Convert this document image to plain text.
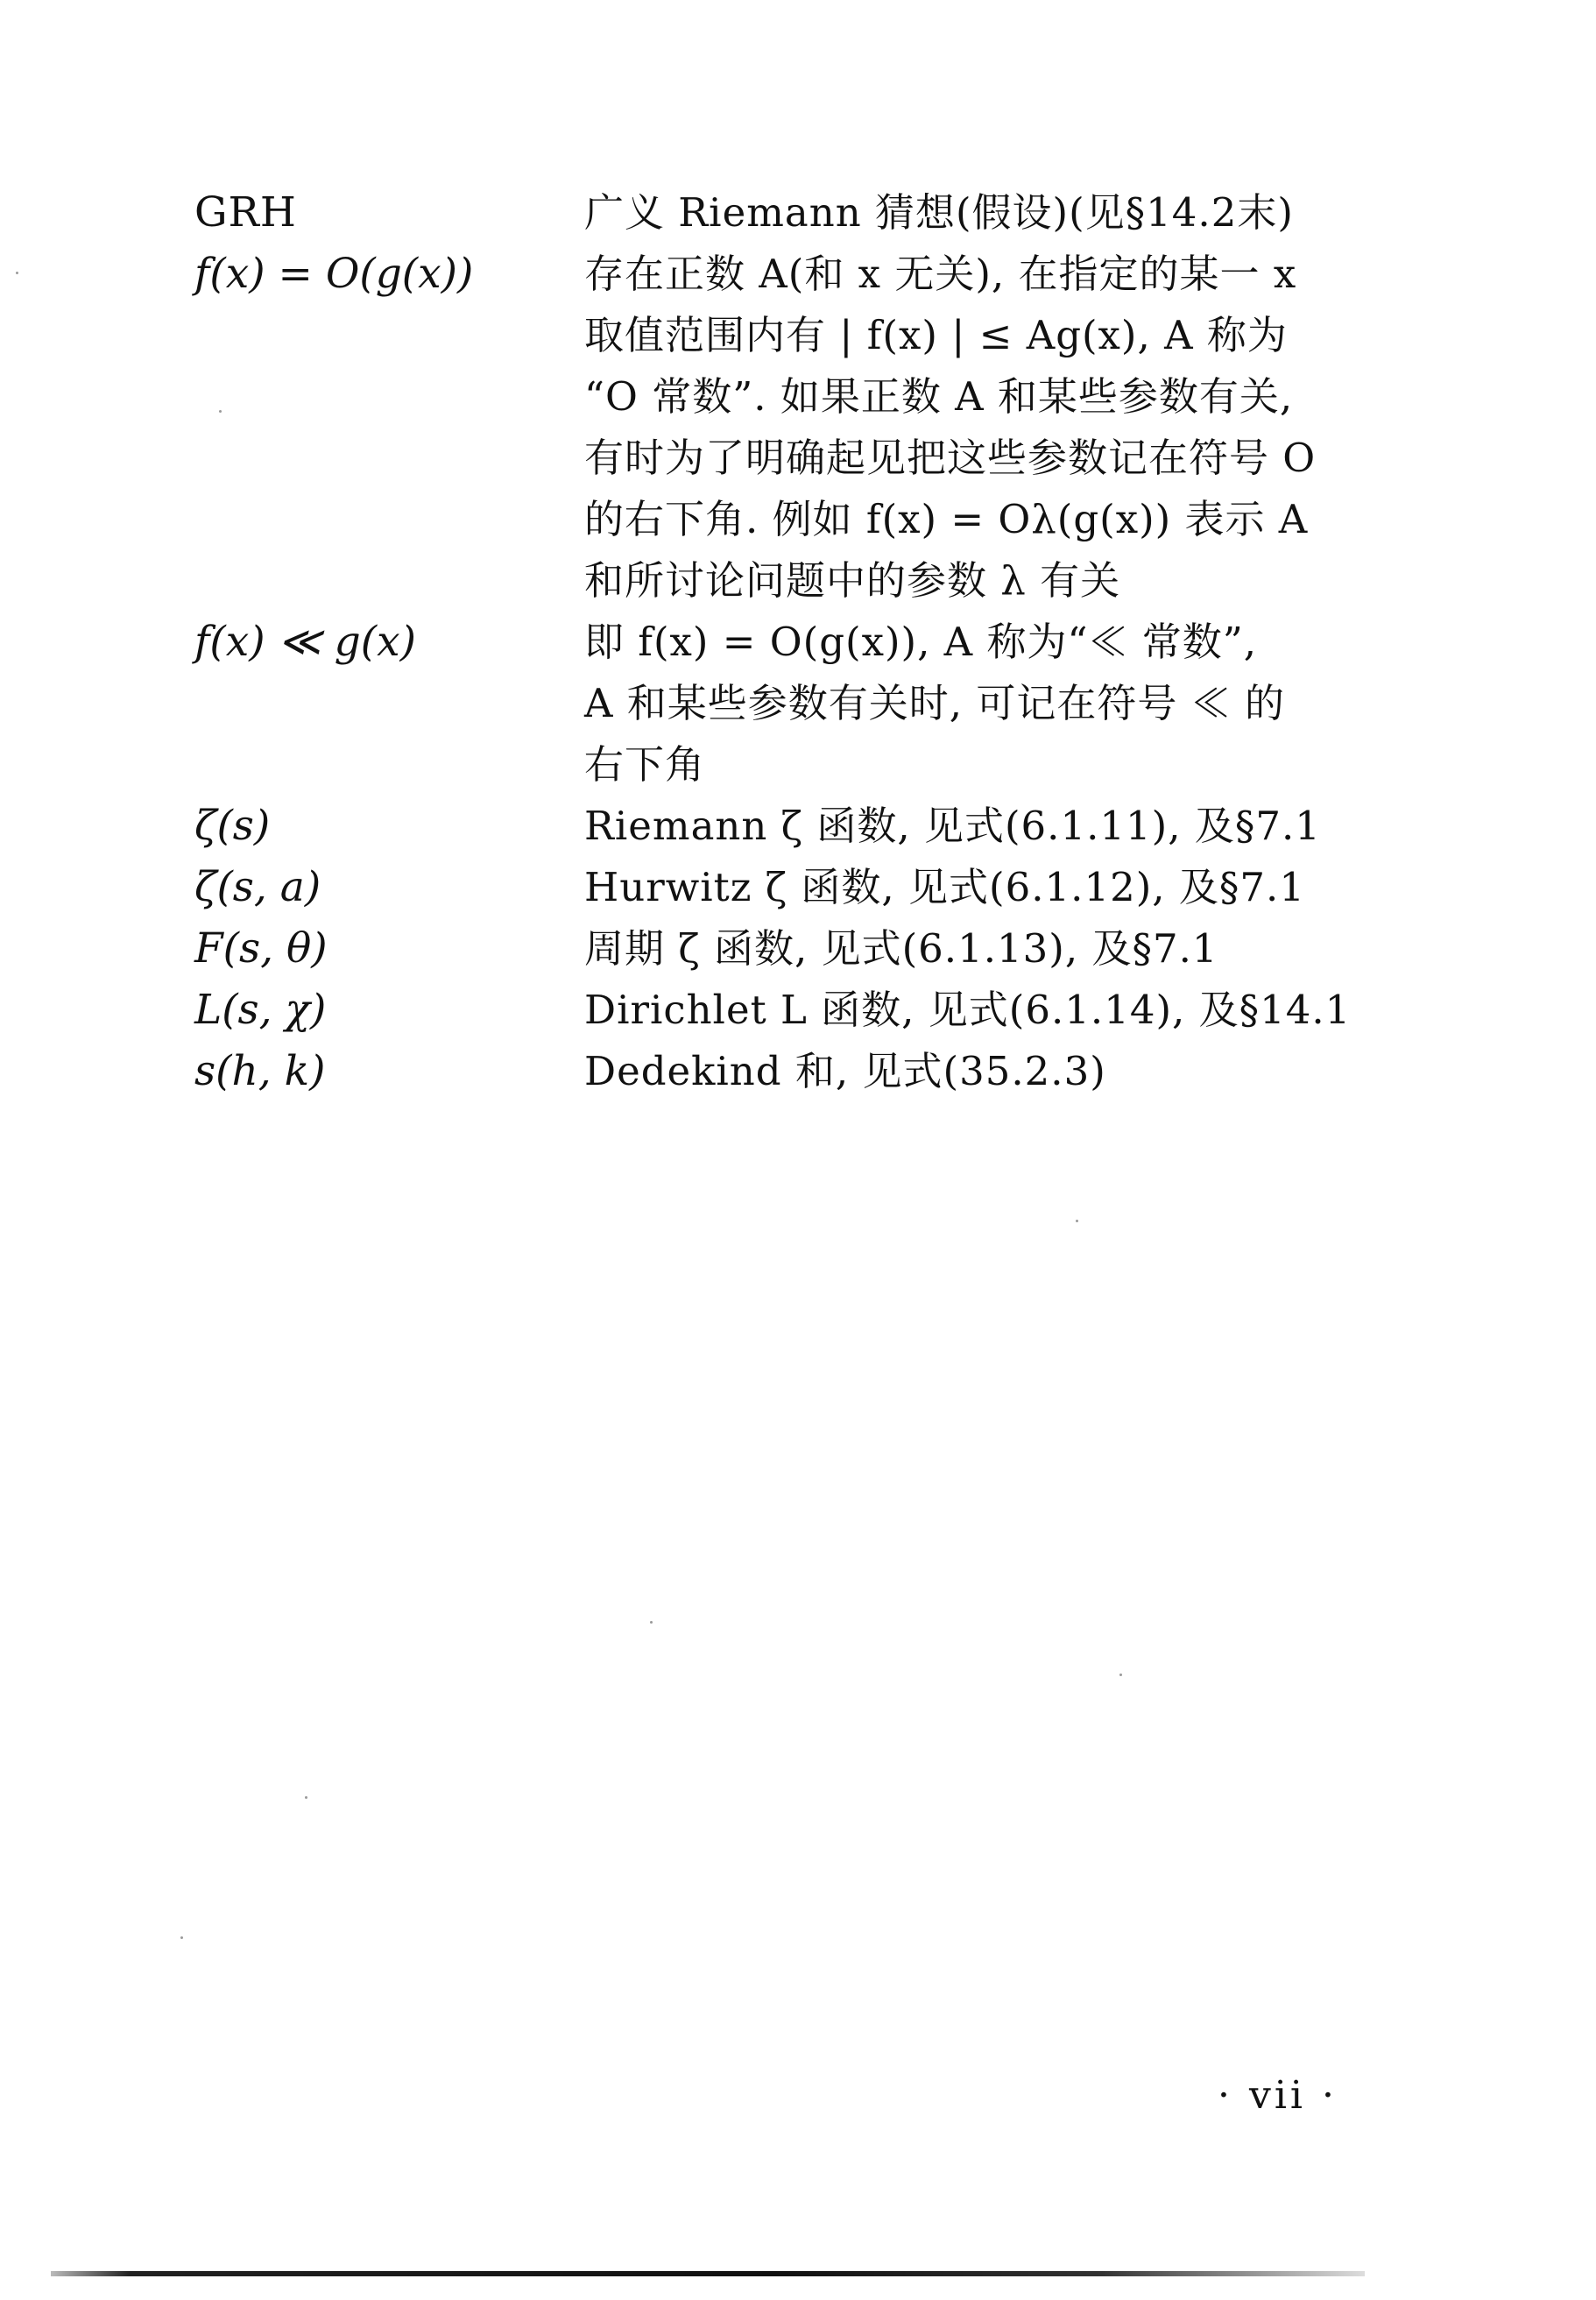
GRH	广义 Riemann 猜想(假设)(见§14.2末)
f(x) = O(g(x))	存在正数 A(和 x 无关), 在指定的某一 x
取值范围内有 | f(x) | ≤ Ag(x), A 称为
“O 常数”. 如果正数 A 和某些参数有关,
有时为了明确起见把这些参数记在符号 O
的右下角. 例如 f(x) = Oλ(g(x)) 表示 A
和所讨论问题中的参数 λ 有关
f(x) ≪ g(x)	即 f(x) = O(g(x)), A 称为“≪ 常数”,
A 和某些参数有关时, 可记在符号 ≪ 的
右下角
ζ(s)	Riemann ζ 函数, 见式(6.1.11), 及§7.1
ζ(s, a)	Hurwitz ζ 函数, 见式(6.1.12), 及§7.1
F(s, θ)	周期 ζ 函数, 见式(6.1.13), 及§7.1
L(s, χ)	Dirichlet L 函数, 见式(6.1.14), 及§14.1
s(h, k)	Dedekind 和, 见式(35.2.3)
· vii ·
